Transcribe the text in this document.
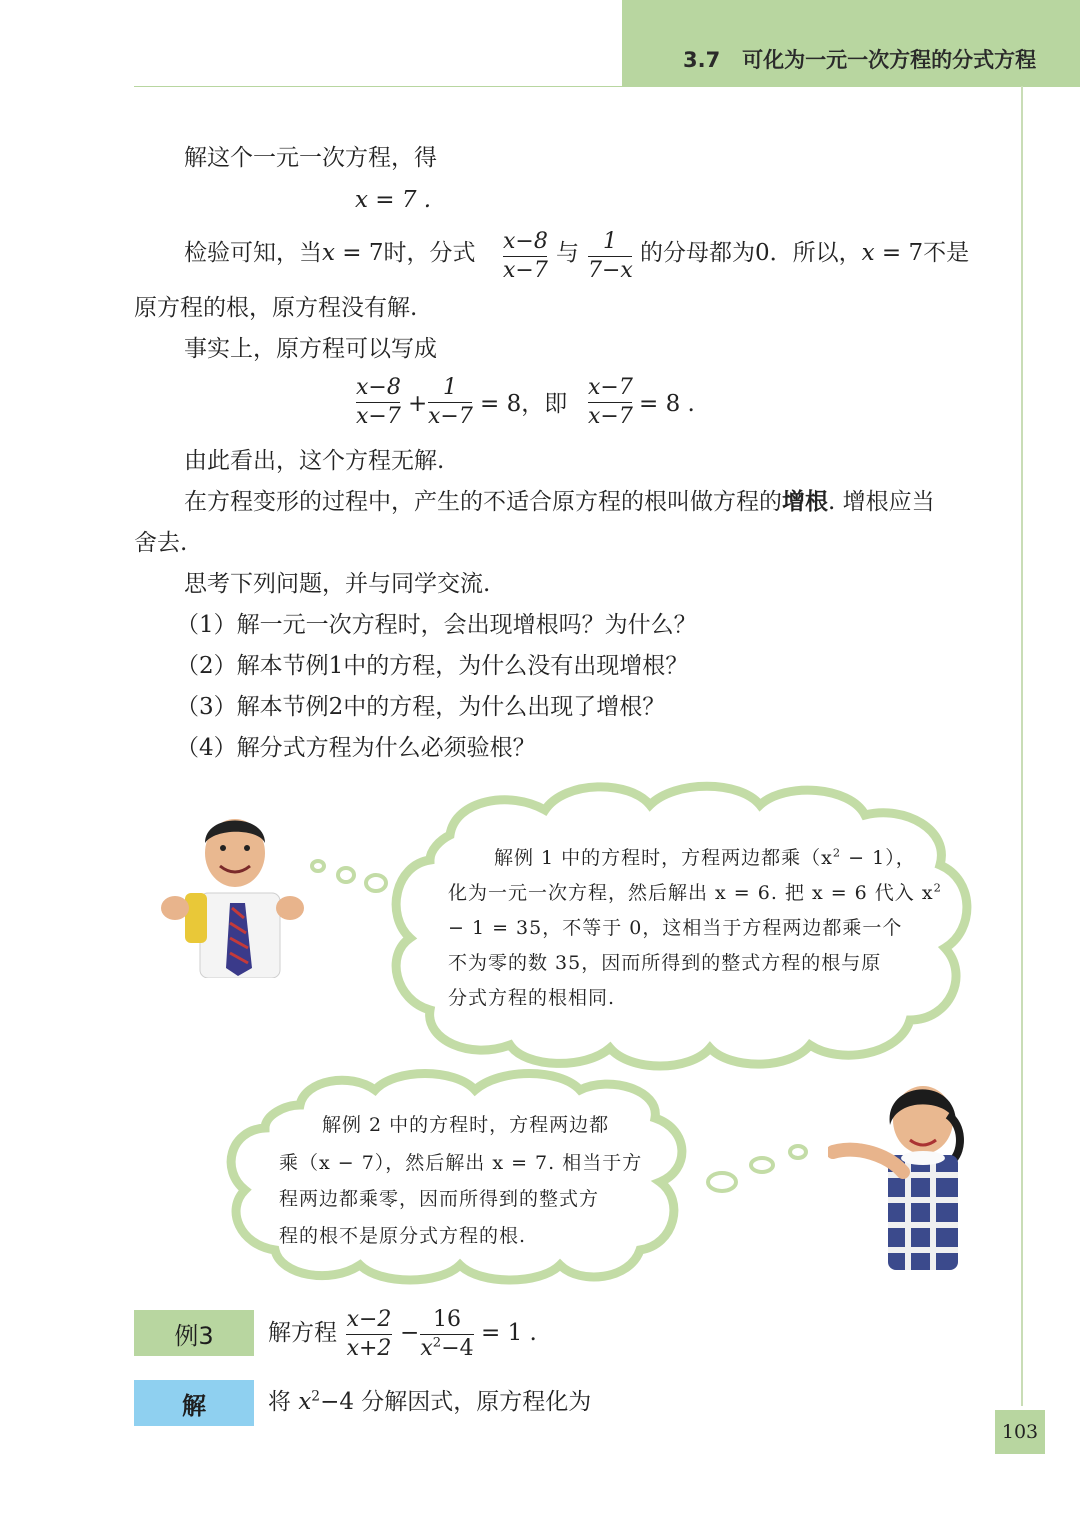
3.7 可化为一元一次方程的分式方程
解这个一元一次方程，得
x = 7 .
检验可知，当x = 7时，分式 $\frac{x-8}{x-7}$ 与 $\frac{1}{7-x}$ 的分母都为0．所以，x = 7不是
原方程的根，原方程没有解.
事实上，原方程可以写成
$\frac{x-8}{x-7} + \frac{1}{x-7} = 8$，即 $\frac{x-7}{x-7} = 8$ .
由此看出，这个方程无解.
在方程变形的过程中，产生的不适合原方程的根叫做方程的增根. 增根应当
舍去.
思考下列问题，并与同学交流.
（1）解一元一次方程时，会出现增根吗？为什么？
（2）解本节例1中的方程，为什么没有出现增根？
（3）解本节例2中的方程，为什么出现了增根？
（4）解分式方程为什么必须验根？
解例 1 中的方程时，方程两边都乘$(x^2 - 1)$，
化为一元一次方程，然后解出 x = 6. 把 x = 6 代入 $x^2$
− 1 = 35，不等于 0，这相当于方程两边都乘一个
不为零的数 35，因而所得到的整式方程的根与原
分式方程的根相同.
解例 2 中的方程时，方程两边都
乘（x − 7），然后解出 x = 7. 相当于方
程两边都乘零，因而所得到的整式方
程的根不是原分式方程的根.
例3	解方程 $\frac{x-2}{x+2} - \frac{16}{x^2-4} = 1$ .
解	将 $x^2-4$ 分解因式，原方程化为
103
